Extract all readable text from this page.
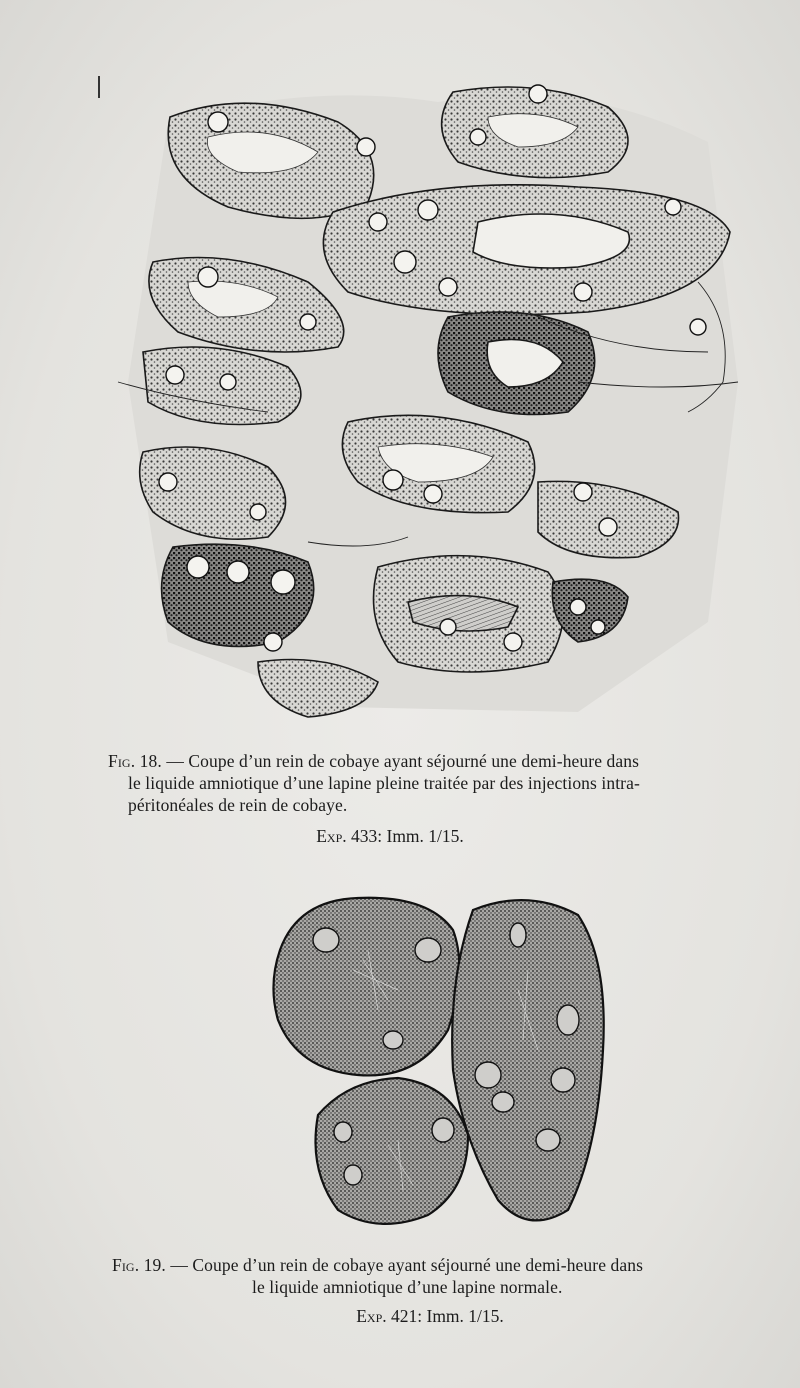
Fig. 18. — Coupe d’un rein de cobaye ayant séjourné une demi-heure dans
le liquide amniotique d’une lapine pleine traitée par des injections intra-
péritonéales de rein de cobaye.
Exp. 433: Imm. 1/15.
Fig. 19. — Coupe d’un rein de cobaye ayant séjourné une demi-heure dans
le liquide amniotique d’une lapine normale.
Exp. 421: Imm. 1/15.
